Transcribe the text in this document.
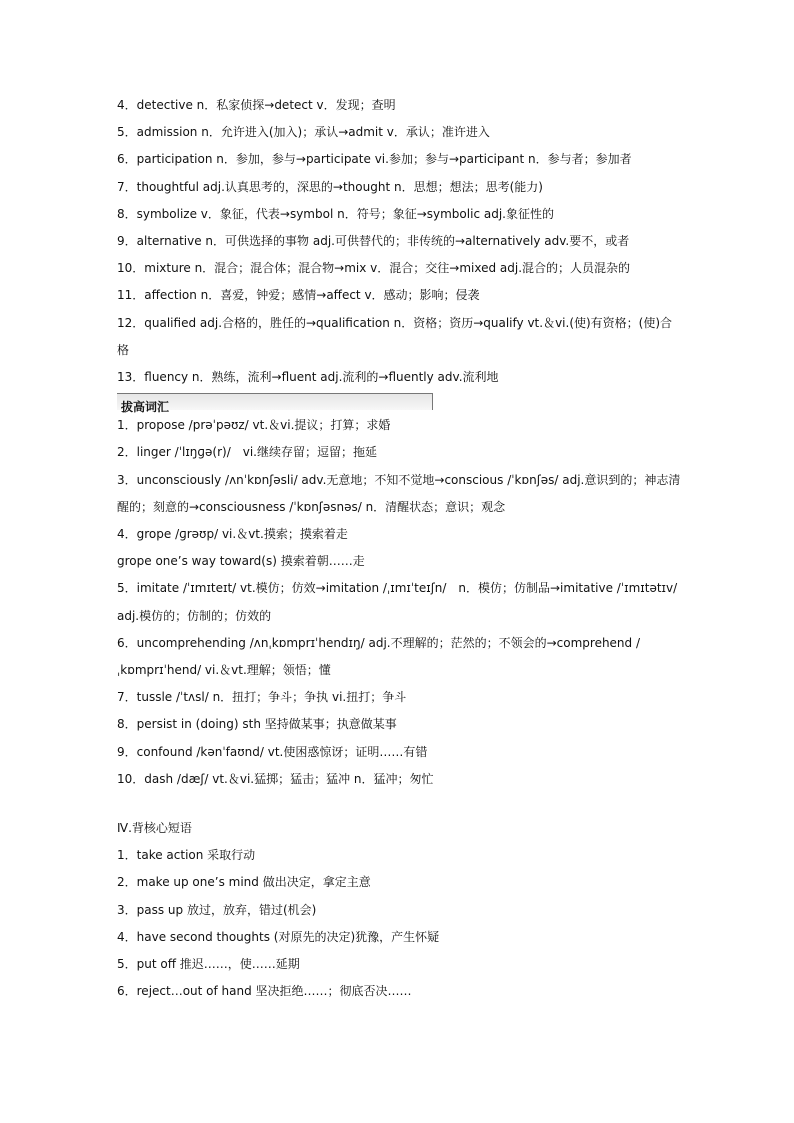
4．detective n．私家侦探→detect v．发现；查明
5．admission n．允许进入(加入)；承认→admit v．承认；准许进入
6．participation n．参加，参与→participate vi.参加；参与→participant n．参与者；参加者
7．thoughtful adj.认真思考的，深思的→thought n．思想；想法；思考(能力)
8．symbolize v．象征，代表→symbol n．符号；象征→symbolic adj.象征性的
9．alternative n．可供选择的事物 adj.可供替代的；非传统的→alternatively adv.要不，或者
10．mixture n．混合；混合体；混合物→mix v．混合；交往→mixed adj.混合的；人员混杂的
11．affection n．喜爱，钟爱；感情→affect v．感动；影响；侵袭
12．qualified adj.合格的，胜任的→qualification n．资格；资历→qualify vt.＆vi.(使)有资格；(使)合格
13．fluency n．熟练，流利→fluent adj.流利的→fluently adv.流利地
拔高词汇
1．propose /prəˈpəʊz/ vt.＆vi.提议；打算；求婚
2．linger /ˈlɪŋɡə(r)/　vi.继续存留；逗留；拖延
3．unconsciously /ʌnˈkɒnʃəsli/ adv.无意地；不知不觉地→conscious /ˈkɒnʃəs/ adj.意识到的；神志清醒的；刻意的→consciousness /ˈkɒnʃəsnəs/ n．清醒状态；意识；观念
4．grope /ɡrəʊp/ vi.＆vt.摸索；摸索着走
grope one’s way toward(s) 摸索着朝……走
5．imitate /ˈɪmɪteɪt/ vt.模仿；仿效→imitation /ˌɪmɪˈteɪʃn/　n．模仿；仿制品→imitative /ˈɪmɪtətɪv/ adj.模仿的；仿制的；仿效的
6．uncomprehending /ʌnˌkɒmprɪˈhendɪŋ/ adj.不理解的；茫然的；不领会的→comprehend /ˌkɒmprɪˈhend/ vi.＆vt.理解；领悟；懂
7．tussle /ˈtʌsl/ n．扭打；争斗；争执 vi.扭打；争斗
8．persist in (doing) sth 坚持做某事；执意做某事
9．confound /kənˈfaʊnd/ vt.使困惑惊讶；证明……有错
10．dash /dæʃ/ vt.＆vi.猛掷；猛击；猛冲 n．猛冲；匆忙
Ⅳ.背核心短语
1．take action 采取行动
2．make up one’s mind 做出决定，拿定主意
3．pass up 放过，放弃，错过(机会)
4．have second thoughts (对原先的决定)犹豫，产生怀疑
5．put off 推迟……，使……延期
6．reject…out of hand 坚决拒绝……；彻底否决……
